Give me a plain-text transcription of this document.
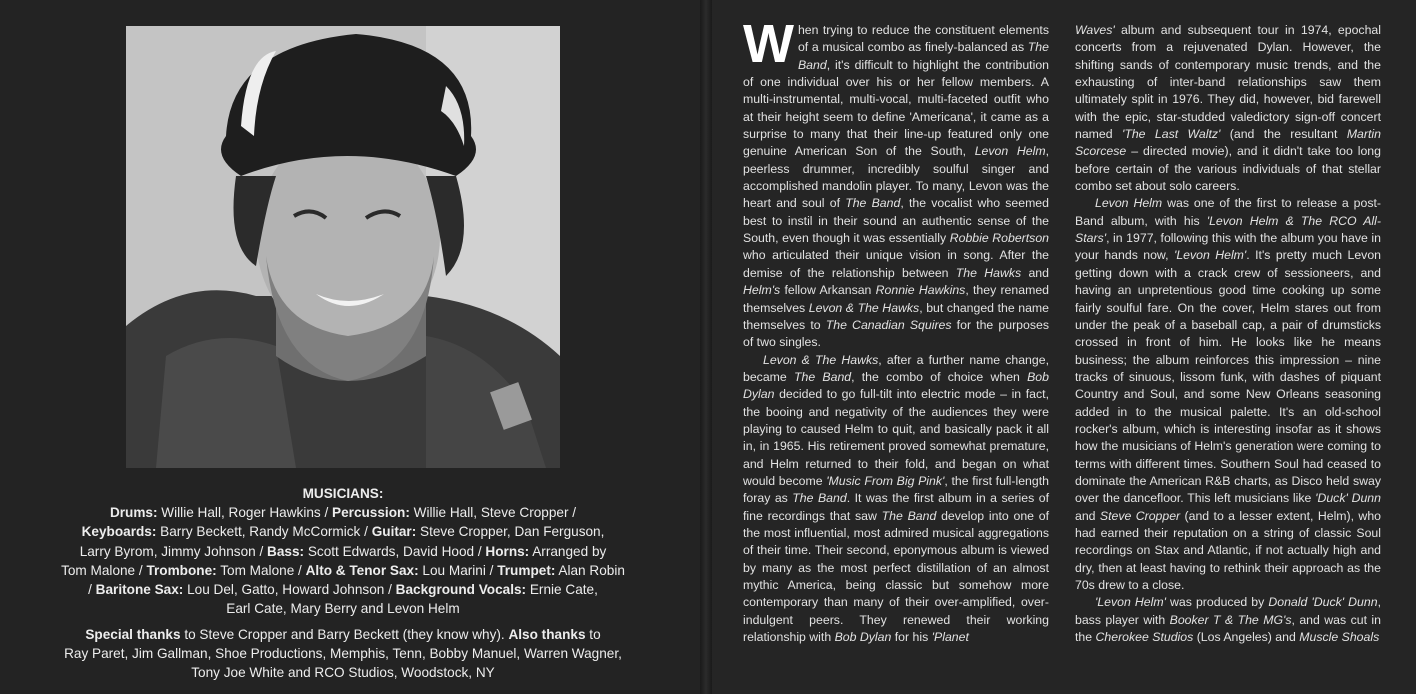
MUSICIANS:
Drums: Willie Hall, Roger Hawkins / Percussion: Willie Hall, Steve Cropper /
Keyboards: Barry Beckett, Randy McCormick / Guitar: Steve Cropper, Dan Ferguson,
Larry Byrom, Jimmy Johnson / Bass: Scott Edwards, David Hood / Horns: Arranged by
Tom Malone / Trombone: Tom Malone / Alto & Tenor Sax: Lou Marini / Trumpet: Alan Robin
/ Baritone Sax: Lou Del, Gatto, Howard Johnson / Background Vocals: Ernie Cate,
Earl Cate, Mary Berry and Levon Helm
Special thanks to Steve Cropper and Barry Beckett (they know why). Also thanks to
Ray Paret, Jim Gallman, Shoe Productions, Memphis, Tenn, Bobby Manuel, Warren Wagner,
Tony Joe White and RCO Studios, Woodstock, NY
W hen trying to reduce the constituent elements of a musical combo as finely-balanced as The Band, it's difficult to highlight the contribution of one individual over his or her fellow members. A multi-instrumental, multi-vocal, multi-faceted outfit who at their height seem to define 'Americana', it came as a surprise to many that their line-up featured only one genuine American Son of the South, Levon Helm, peerless drummer, incredibly soulful singer and accomplished mandolin player. To many, Levon was the heart and soul of The Band, the vocalist who seemed best to instil in their sound an authentic sense of the South, even though it was essentially Robbie Robertson who articulated their unique vision in song. After the demise of the relationship between The Hawks and Helm's fellow Arkansan Ronnie Hawkins, they renamed themselves Levon & The Hawks, but changed the name themselves to The Canadian Squires for the purposes of two singles.

Levon & The Hawks, after a further name change, became The Band, the combo of choice when Bob Dylan decided to go full-tilt into electric mode – in fact, the booing and negativity of the audiences they were playing to caused Helm to quit, and basically pack it all in, in 1965. His retirement proved somewhat premature, and Helm returned to their fold, and began on what would become 'Music From Big Pink', the first full-length foray as The Band. It was the first album in a series of fine recordings that saw The Band develop into one of the most influential, most admired musical aggregations of their time. Their second, eponymous album is viewed by many as the most perfect distillation of an almost mythic America, being classic but somehow more contemporary than many of their over-amplified, over-indulgent peers. They renewed their working relationship with Bob Dylan for his 'Planet

Waves' album and subsequent tour in 1974, epochal concerts from a rejuvenated Dylan. However, the shifting sands of contemporary music trends, and the exhausting of inter-band relationships saw them ultimately split in 1976. They did, however, bid farewell with the epic, star-studded valedictory sign-off concert named 'The Last Waltz' (and the resultant Martin Scorcese – directed movie), and it didn't take too long before certain of the various individuals of that stellar combo set about solo careers.

Levon Helm was one of the first to release a post-Band album, with his 'Levon Helm & The RCO All-Stars', in 1977, following this with the album you have in your hands now, 'Levon Helm'. It's pretty much Levon getting down with a crack crew of sessioneers, and having an unpretentious good time cooking up some fairly soulful fare. On the cover, Helm stares out from under the peak of a baseball cap, a pair of drumsticks crossed in front of him. He looks like he means business; the album reinforces this impression – nine tracks of sinuous, lissom funk, with dashes of piquant Country and Soul, and some New Orleans seasoning added in to the musical palette. It's an old-school rocker's album, which is interesting insofar as it shows how the musicians of Helm's generation were coming to terms with different times. Southern Soul had ceased to dominate the American R&B charts, as Disco held sway over the dancefloor. This left musicians like 'Duck' Dunn and Steve Cropper (and to a lesser extent, Helm), who had earned their reputation on a string of classic Soul recordings on Stax and Atlantic, if not actually high and dry, then at least having to rethink their approach as the 70s drew to a close.

'Levon Helm' was produced by Donald 'Duck' Dunn, bass player with Booker T & The MG's, and was cut in the Cherokee Studios (Los Angeles) and Muscle Shoals
